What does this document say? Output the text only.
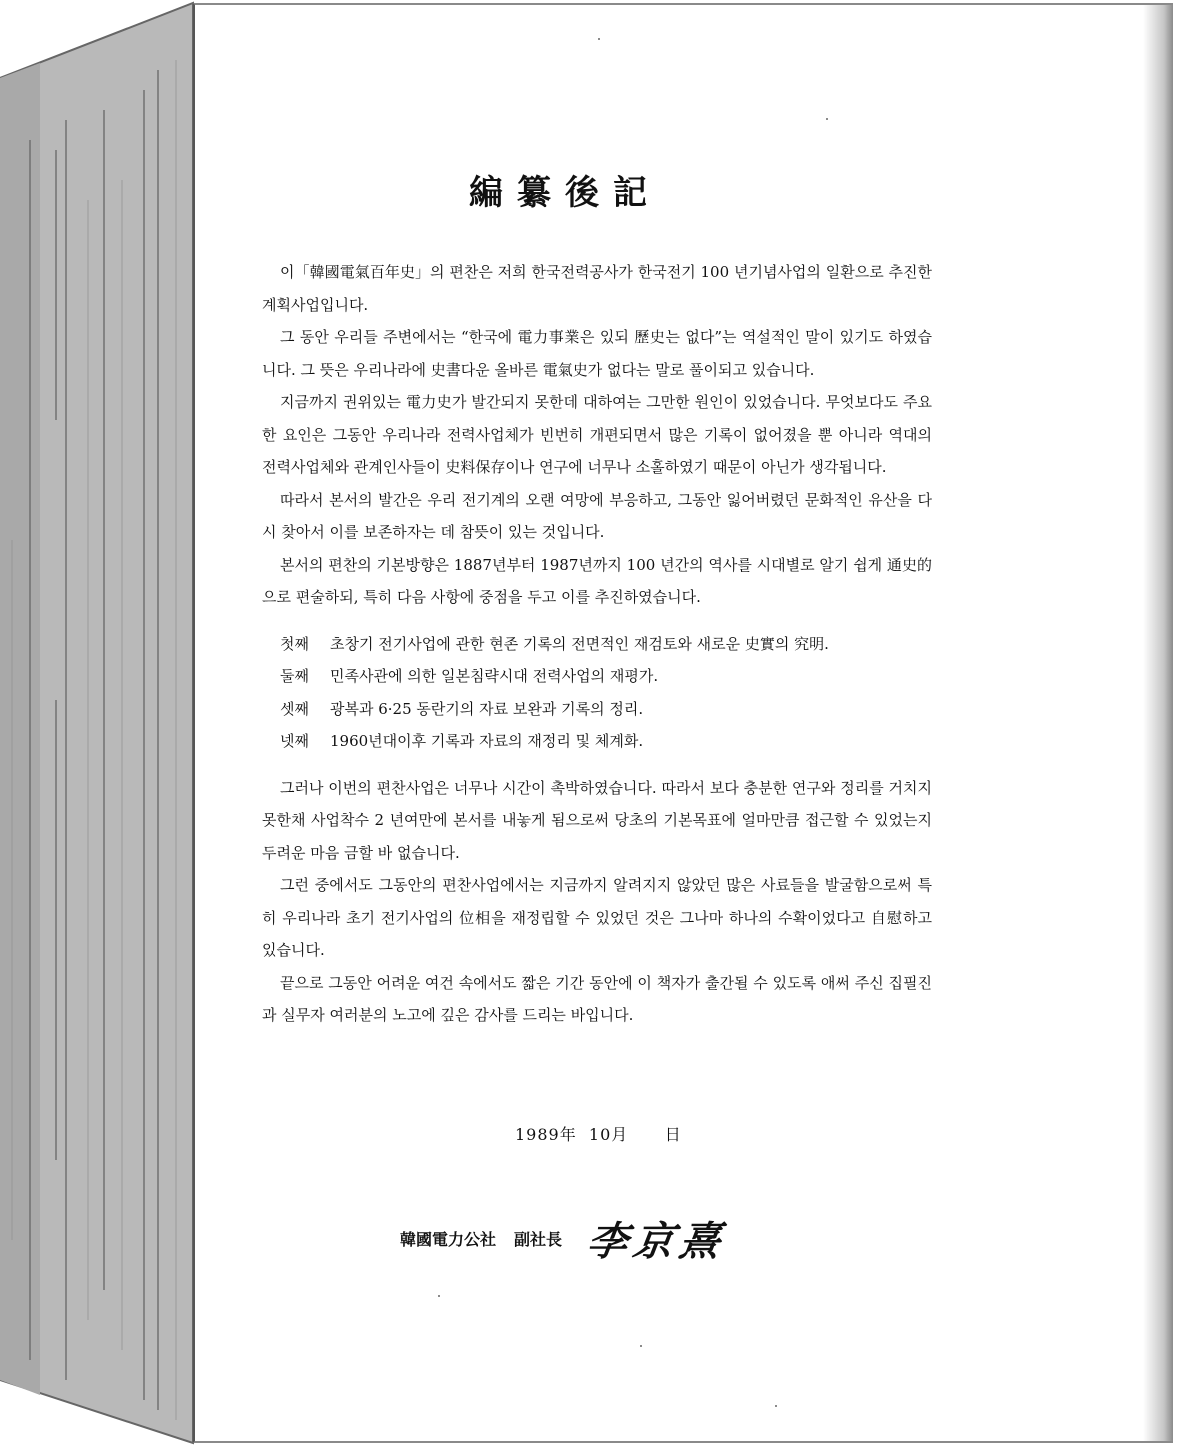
編纂後記

이「韓國電氣百年史」의 편찬은 저희 한국전력공사가 한국전기 100 년기념사업의 일환으로 추진한 계획사업입니다.

그 동안 우리들 주변에서는 “한국에 電力事業은 있되 歷史는 없다”는 역설적인 말이 있기도 하였습니다. 그 뜻은 우리나라에 史書다운 올바른 電氣史가 없다는 말로 풀이되고 있습니다.

지금까지 권위있는 電力史가 발간되지 못한데 대하여는 그만한 원인이 있었습니다. 무엇보다도 주요한 요인은 그동안 우리나라 전력사업체가 빈번히 개편되면서 많은 기록이 없어졌을 뿐 아니라 역대의 전력사업체와 관계인사들이 史料保存이나 연구에 너무나 소홀하였기 때문이 아닌가 생각됩니다.

따라서 본서의 발간은 우리 전기계의 오랜 여망에 부응하고, 그동안 잃어버렸던 문화적인 유산을 다시 찾아서 이를 보존하자는 데 참뜻이 있는 것입니다.

본서의 편찬의 기본방향은 1887년부터 1987년까지 100 년간의 역사를 시대별로 알기 쉽게 通史的으로 편술하되, 특히 다음 사항에 중점을 두고 이를 추진하였습니다.

첫째	초창기 전기사업에 관한 현존 기록의 전면적인 재검토와 새로운 史實의 究明.
둘째	민족사관에 의한 일본침략시대 전력사업의 재평가.
셋째	광복과 6·25 동란기의 자료 보완과 기록의 정리.
넷째	1960년대이후 기록과 자료의 재정리 및 체계화.

그러나 이번의 편찬사업은 너무나 시간이 촉박하였습니다. 따라서 보다 충분한 연구와 정리를 거치지 못한채 사업착수 2 년여만에 본서를 내놓게 됨으로써 당초의 기본목표에 얼마만큼 접근할 수 있었는지 두려운 마음 금할 바 없습니다.

그런 중에서도 그동안의 편찬사업에서는 지금까지 알려지지 않았던 많은 사료들을 발굴함으로써 특히 우리나라 초기 전기사업의 位相을 재정립할 수 있었던 것은 그나마 하나의 수확이었다고 自慰하고 있습니다.

끝으로 그동안 어려운 여건 속에서도 짧은 기간 동안에 이 책자가 출간될 수 있도록 애써 주신 집필진과 실무자 여러분의 노고에 깊은 감사를 드리는 바입니다.

1989年  10月      日
韓國電力公社 副社長 李京熹
